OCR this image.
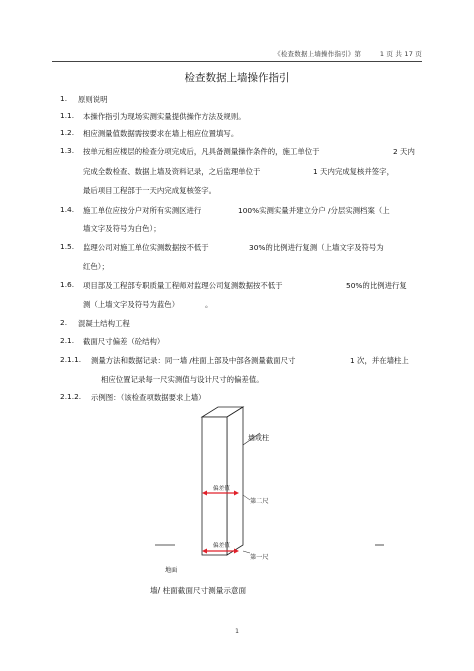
《检查数据上墙操作指引》第	1 页 共 17 页
检查数据上墙操作指引
1. 原则说明
1.1. 本操作指引为现场实测实量提供操作方法及规则。
1.2. 相应测量值数据需按要求在墙上相应位置填写。
1.3. 按单元相应楼层的检查分项完成后，凡具备测量操作条件的，施工单位于	2 天内
完成全数检查、数据上墙及资料记录，之后监理单位于	1 天内完成复核并签字，
最后项目工程部于一天内完成复核签字。
1.4. 施工单位应按分户对所有实测区进行	100%实测实量并建立分户 /分层实测档案（上
墙文字及符号为白色）；
1.5. 监理公司对施工单位实测数据按不低于	30%的比例进行复测（上墙文字及符号为
红色）；
1.6. 项目部及工程部专职质量工程师对监理公司复测数据按不低于	50%的比例进行复
测（上墙文字及符号为蓝色）	。
2. 混凝土结构工程
2.1. 截面尺寸偏差（砼结构）
2.1.1. 测量方法和数据记录：同一墙 /柱面上部及中部各测量截面尺寸	1 次，并在墙柱上
相应位置记录每一尺实测值与设计尺寸的偏差值。
2.1.2. 示例图：（该检查项数据要求上墙）
墙或柱
偏差值
第二尺
偏差值
第一尺
地面
墙/ 柱面截面尺寸测量示意面
1
